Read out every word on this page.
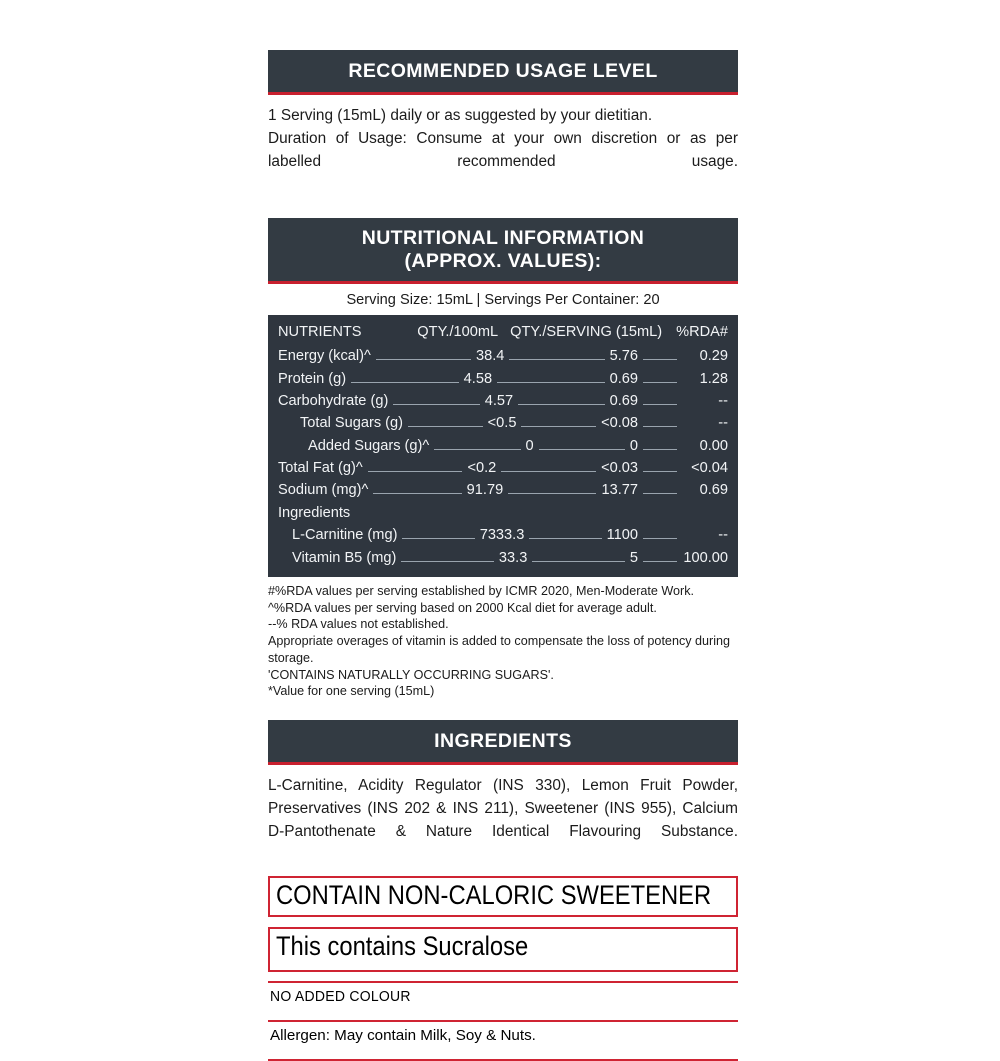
RECOMMENDED USAGE LEVEL
1 Serving (15mL) daily or as suggested by your dietitian.
Duration of Usage: Consume at your own discretion or as per labelled recommended usage.
NUTRITIONAL INFORMATION
(APPROX. VALUES):
Serving Size: 15mL | Servings Per Container: 20
NUTRIENTS	QTY./100mL QTY./SERVING (15mL) %RDA#
Energy (kcal)^	38.4	5.76	0.29
Protein (g)	4.58	0.69	1.28
Carbohydrate (g)	4.57	0.69	--
Total Sugars (g)	<0.5	<0.08	--
Added Sugars (g)^	0	0	0.00
Total Fat (g)^	<0.2	<0.03	<0.04
Sodium (mg)^	91.79	13.77	0.69
Ingredients
L-Carnitine (mg)	7333.3	1100	--
Vitamin B5 (mg)	33.3	5	100.00
#%RDA values per serving established by ICMR 2020, Men-Moderate Work.
^%RDA values per serving based on 2000 Kcal diet for average adult.
--% RDA values not established.
Appropriate overages of vitamin is added to compensate the loss of potency during storage.
'CONTAINS NATURALLY OCCURRING SUGARS'.
*Value for one serving (15mL)
INGREDIENTS
L-Carnitine, Acidity Regulator (INS 330), Lemon Fruit Powder, Preservatives (INS 202 & INS 211), Sweetener (INS 955), Calcium D-Pantothenate & Nature Identical Flavouring Substance.
CONTAIN NON-CALORIC SWEETENER
This contains Sucralose
NO ADDED COLOUR
Allergen: May contain Milk, Soy & Nuts.
